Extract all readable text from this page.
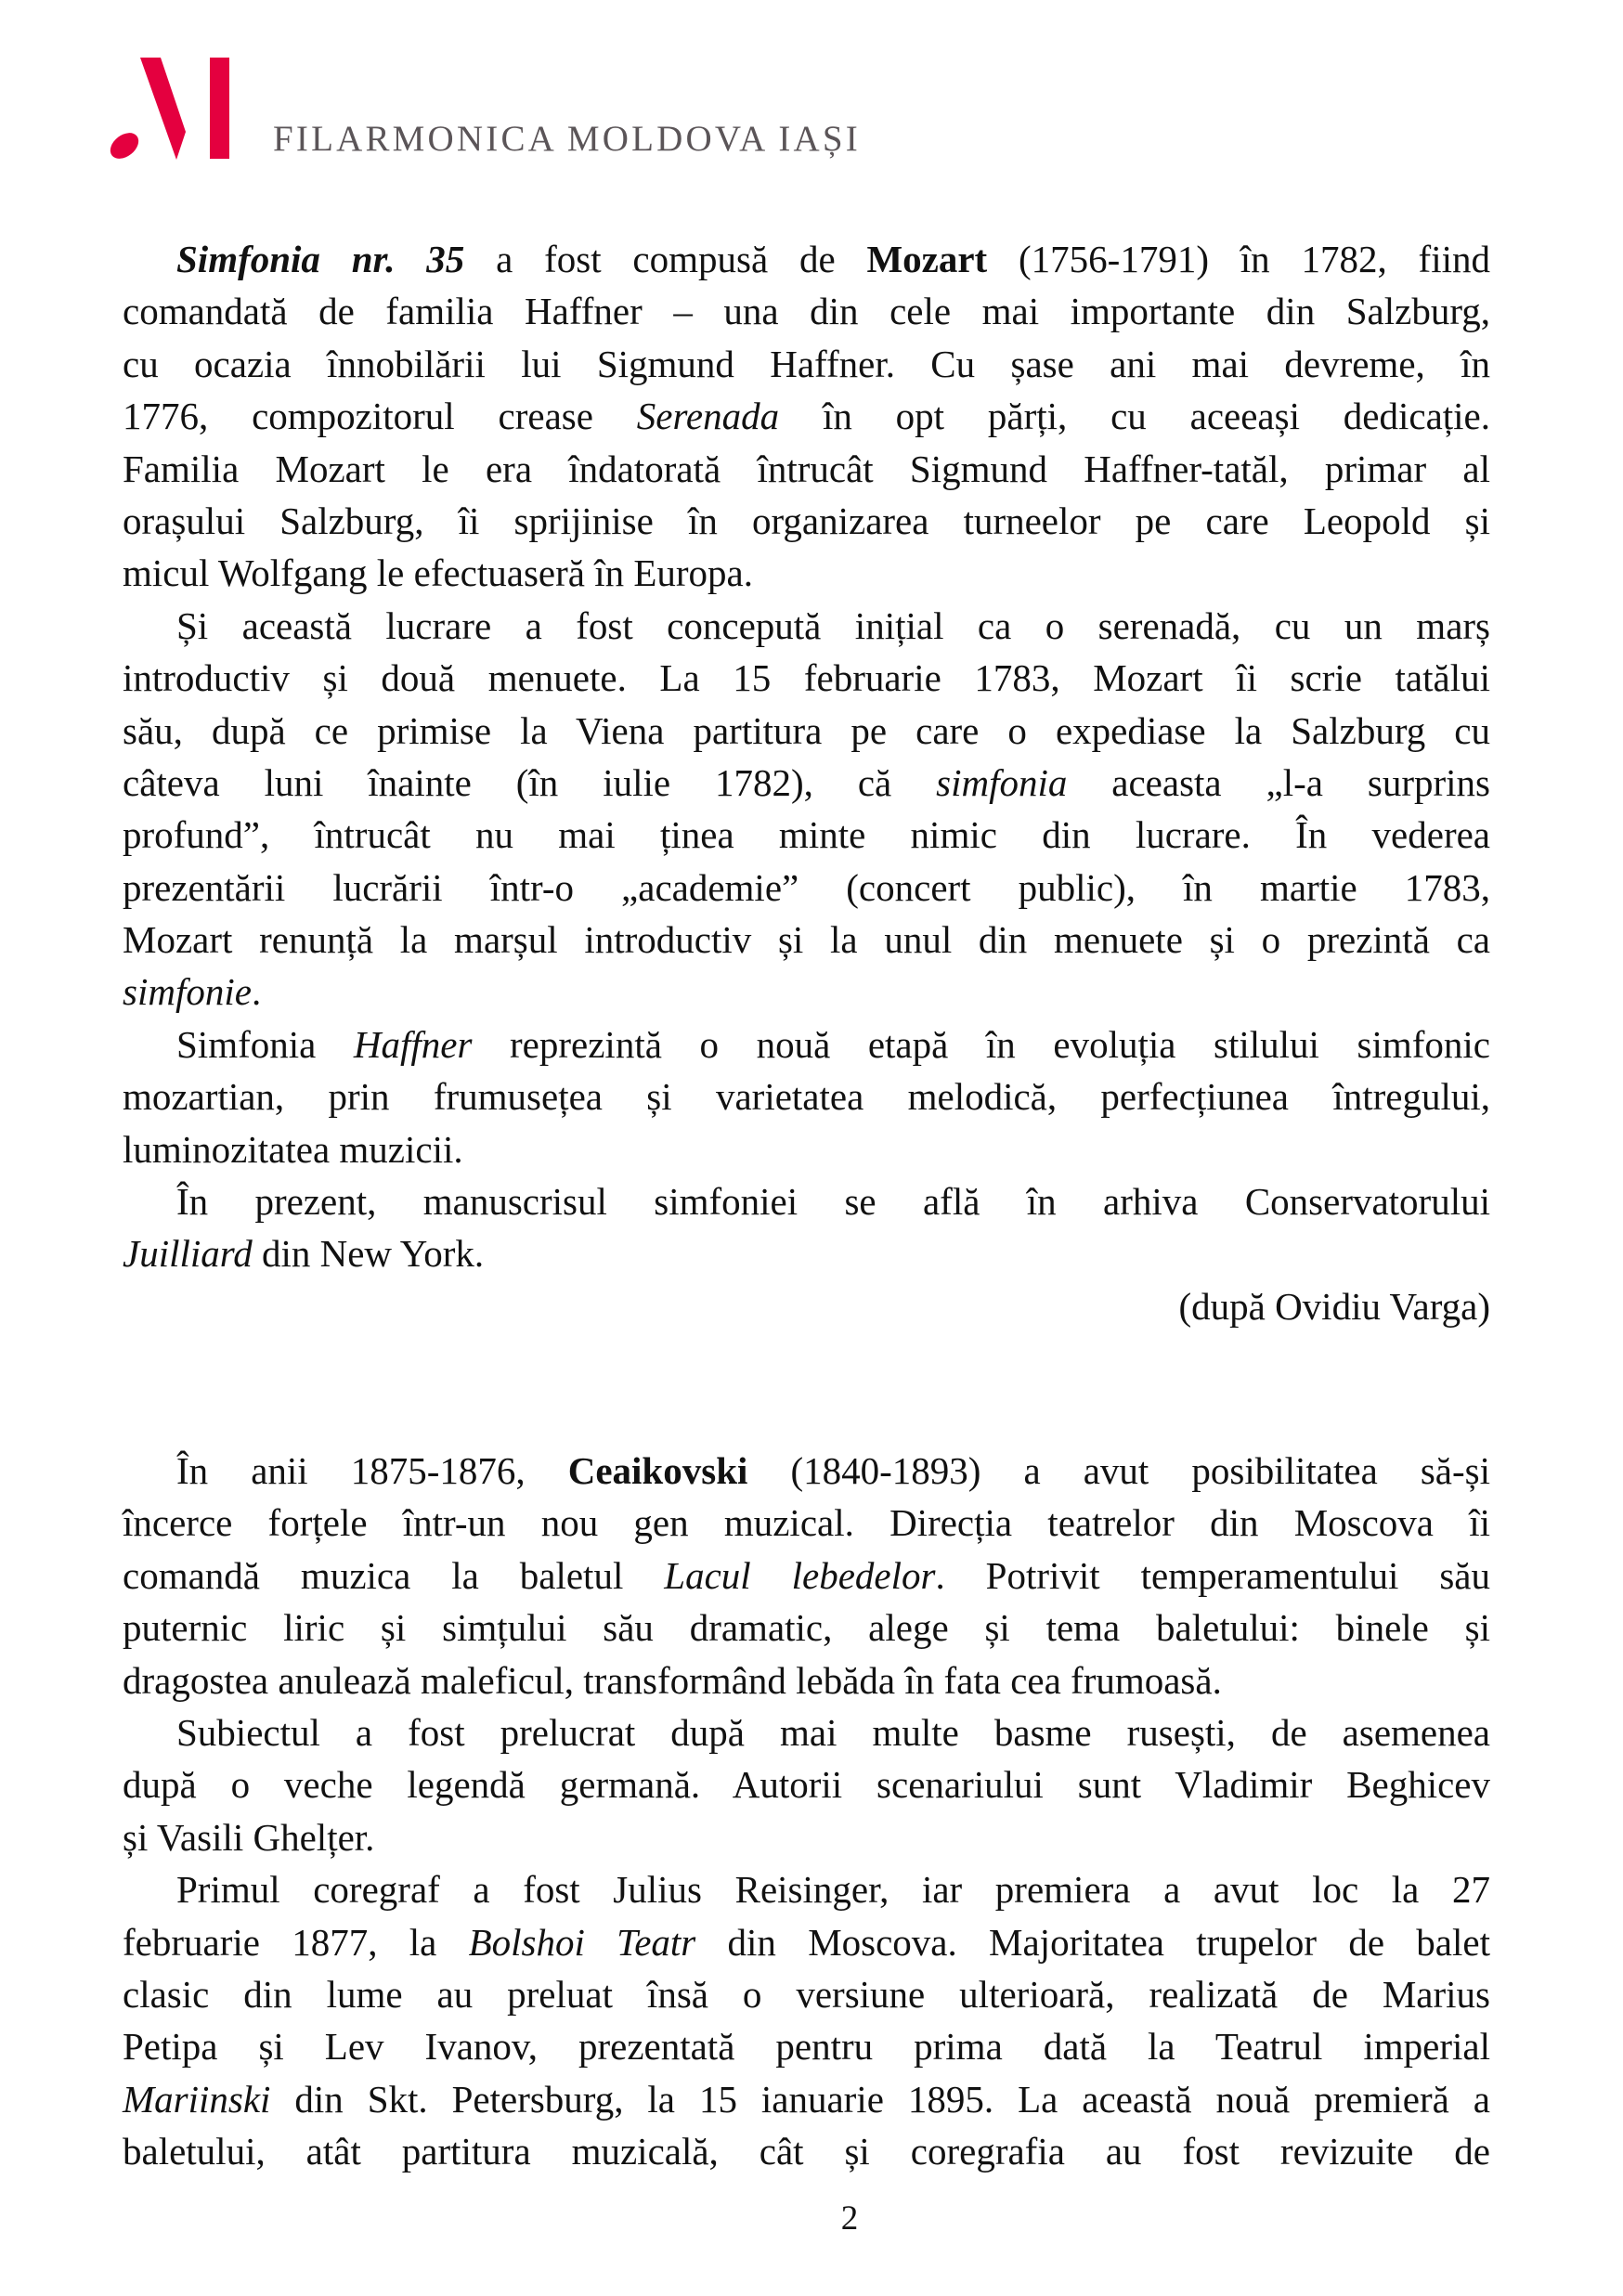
FILARMONICA MOLDOVA IAȘI
Simfonia nr. 35 a fost compusă de Mozart (1756-1791) în 1782, fiind
comandată de familia Haffner – una din cele mai importante din Salzburg,
cu ocazia înnobilării lui Sigmund Haffner. Cu șase ani mai devreme, în
1776, compozitorul crease Serenada în opt părți, cu aceeași dedicație.
Familia Mozart le era îndatorată întrucât Sigmund Haffner-tatăl, primar al
orașului Salzburg, îi sprijinise în organizarea turneelor pe care Leopold și
micul Wolfgang le efectuaseră în Europa.
Și această lucrare a fost concepută inițial ca o serenadă, cu un marș
introductiv și două menuete. La 15 februarie 1783, Mozart îi scrie tatălui
său, după ce primise la Viena partitura pe care o expediase la Salzburg cu
câteva luni înainte (în iulie 1782), că simfonia aceasta „l-a surprins
profund”, întrucât nu mai ținea minte nimic din lucrare. În vederea
prezentării lucrării într-o „academie” (concert public), în martie 1783,
Mozart renunță la marșul introductiv și la unul din menuete și o prezintă ca
simfonie.
Simfonia Haffner reprezintă o nouă etapă în evoluția stilului simfonic
mozartian, prin frumusețea și varietatea melodică, perfecțiunea întregului,
luminozitatea muzicii.
În prezent, manuscrisul simfoniei se află în arhiva Conservatorului
Juilliard din New York.
(după Ovidiu Varga)
În anii 1875-1876, Ceaikovski (1840-1893) a avut posibilitatea să-și
încerce forțele într-un nou gen muzical. Direcția teatrelor din Moscova îi
comandă muzica la baletul Lacul lebedelor. Potrivit temperamentului său
puternic liric și simțului său dramatic, alege și tema baletului: binele și
dragostea anulează maleficul, transformând lebăda în fata cea frumoasă.
Subiectul a fost prelucrat după mai multe basme rusești, de asemenea
după o veche legendă germană. Autorii scenariului sunt Vladimir Beghicev
și Vasili Ghelțer.
Primul coregraf a fost Julius Reisinger, iar premiera a avut loc la 27
februarie 1877, la Bolshoi Teatr din Moscova. Majoritatea trupelor de balet
clasic din lume au preluat însă o versiune ulterioară, realizată de Marius
Petipa și Lev Ivanov, prezentată pentru prima dată la Teatrul imperial
Mariinski din Skt. Petersburg, la 15 ianuarie 1895. La această nouă premieră a
baletului, atât partitura muzicală, cât și coregrafia au fost revizuite de
2
